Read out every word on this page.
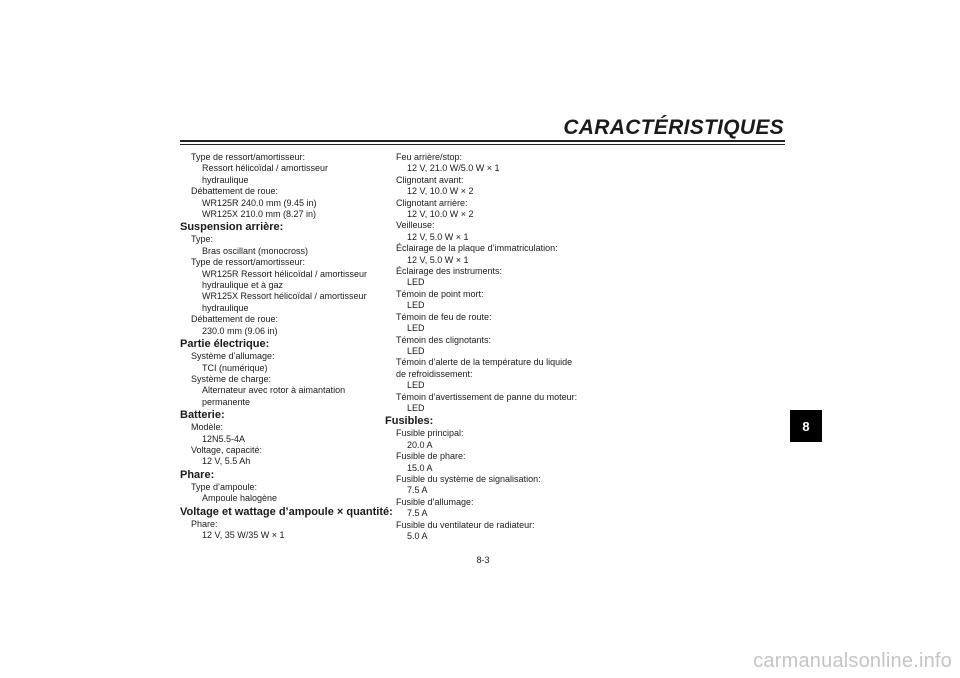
CARACTÉRISTIQUES
Type de ressort/amortisseur:
Ressort hélicoïdal / amortisseur
hydraulique
Débattement de roue:
WR125R 240.0 mm (9.45 in)
WR125X 210.0 mm (8.27 in)
Suspension arrière:
Type:
Bras oscillant (monocross)
Type de ressort/amortisseur:
WR125R Ressort hélicoïdal / amortisseur
hydraulique et à gaz
WR125X Ressort hélicoïdal / amortisseur
hydraulique
Débattement de roue:
230.0 mm (9.06 in)
Partie électrique:
Système d’allumage:
TCI (numérique)
Système de charge:
Alternateur avec rotor à aimantation
permanente
Batterie:
Modèle:
12N5.5-4A
Voltage, capacité:
12 V, 5.5 Ah
Phare:
Type d’ampoule:
Ampoule halogène
Voltage et wattage d’ampoule × quantité:
Phare:
12 V, 35 W/35 W × 1
Feu arrière/stop:
12 V, 21.0 W/5.0 W × 1
Clignotant avant:
12 V, 10.0 W × 2
Clignotant arrière:
12 V, 10.0 W × 2
Veilleuse:
12 V, 5.0 W × 1
Éclairage de la plaque d’immatriculation:
12 V, 5.0 W × 1
Éclairage des instruments:
LED
Témoin de point mort:
LED
Témoin de feu de route:
LED
Témoin des clignotants:
LED
Témoin d’alerte de la température du liquide
de refroidissement:
LED
Témoin d’avertissement de panne du moteur:
LED
Fusibles:
Fusible principal:
20.0 A
Fusible de phare:
15.0 A
Fusible du système de signalisation:
7.5 A
Fusible d’allumage:
7.5 A
Fusible du ventilateur de radiateur:
5.0 A
8-3
8
carmanualsonline.info
